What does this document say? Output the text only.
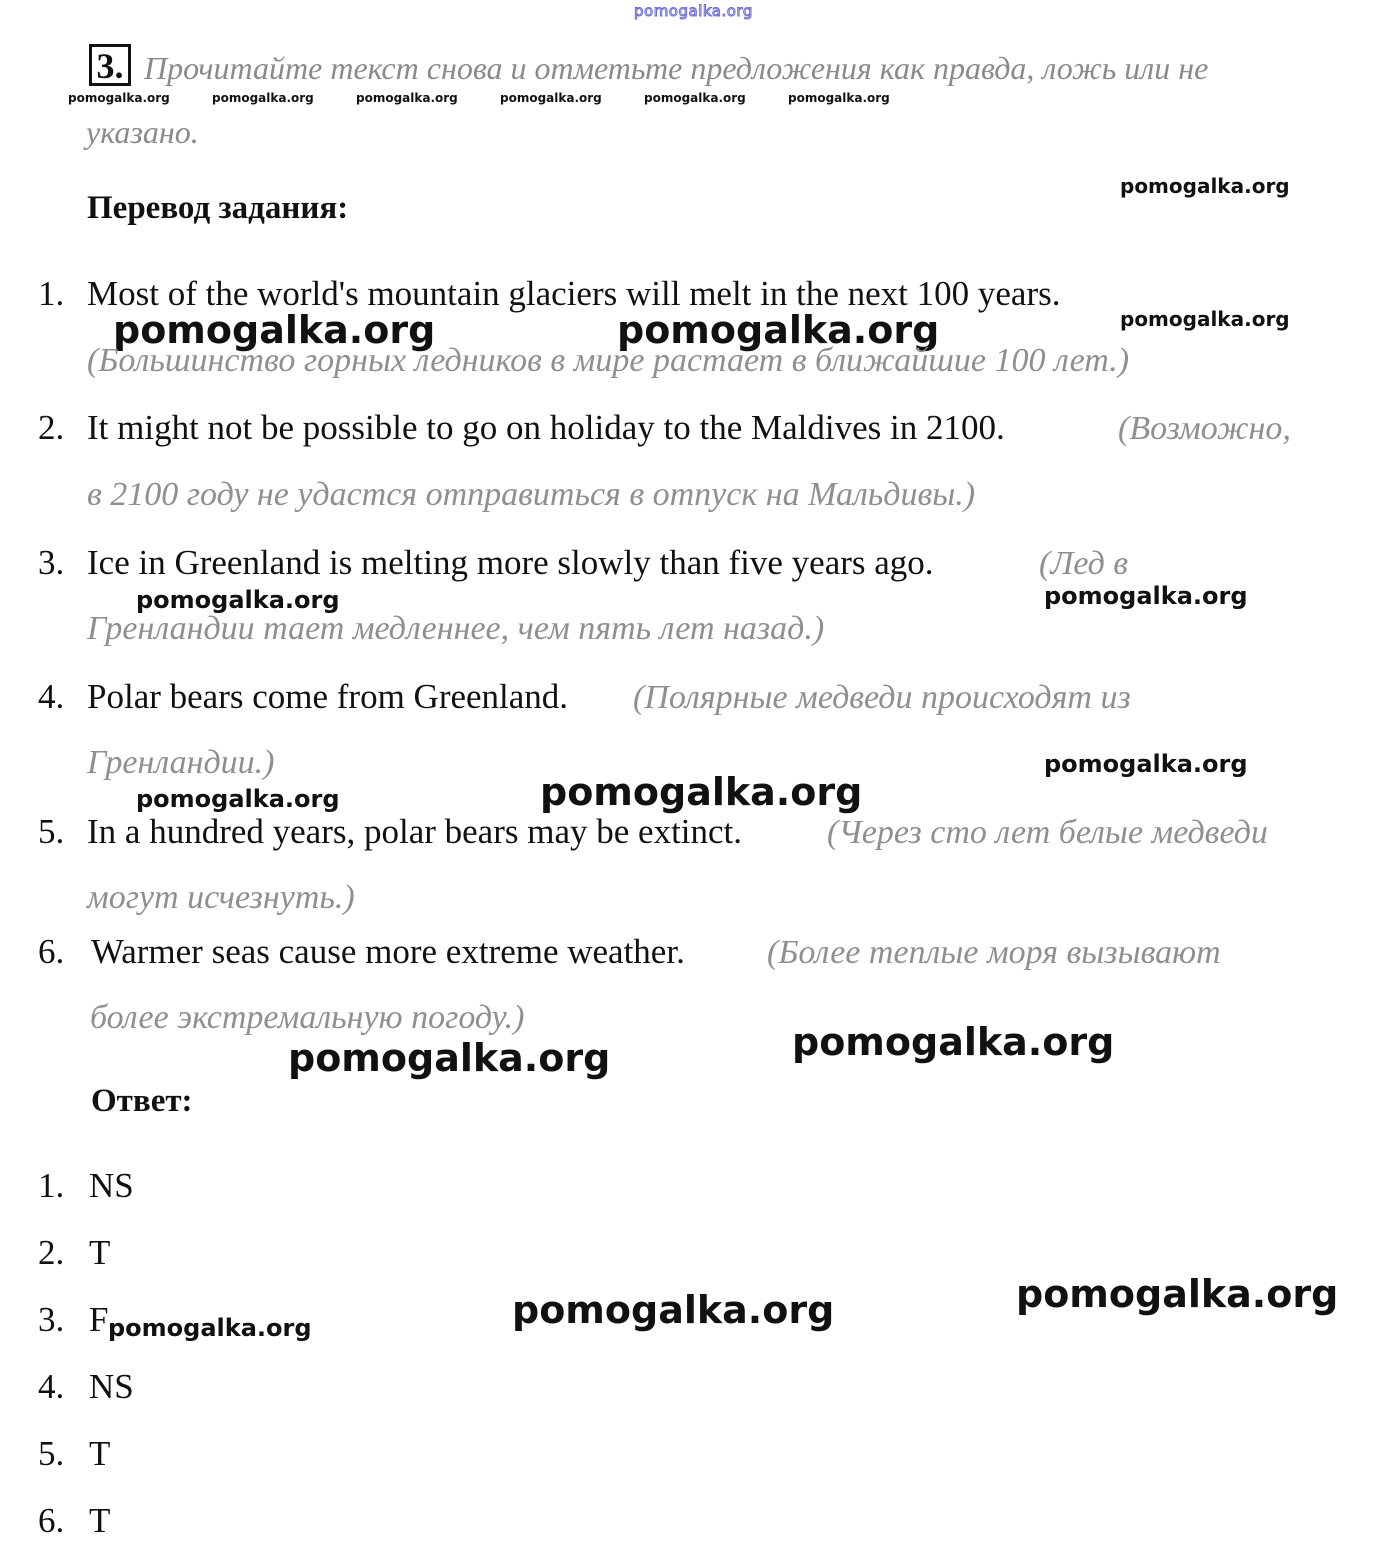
pomogalka.org
3. Прочитайте текст снова и отметьте предложения как правда, ложь или не
pomogalka.org	pomogalka.org	pomogalka.org	pomogalka.org	pomogalka.org	pomogalka.org
указано.
pomogalka.org
Перевод задания:
1. Most of the world's mountain glaciers will melt in the next 100 years.
pomogalka.org	pomogalka.org	pomogalka.org
(Большинство горных ледников в мире растает в ближайшие 100 лет.)
2. It might not be possible to go on holiday to the Maldives in 2100.	(Возможно,
в 2100 году не удастся отправиться в отпуск на Мальдивы.)
3. Ice in Greenland is melting more slowly than five years ago.	(Лед в
pomogalka.org	pomogalka.org
Гренландии тает медленнее, чем пять лет назад.)
4. Polar bears come from Greenland. (Полярные медведи происходят из
Гренландии.)	pomogalka.org
pomogalka.org
pomogalka.org
5. In a hundred years, polar bears may be extinct. (Через сто лет белые медведи
могут исчезнуть.)
6. Warmer seas cause more extreme weather. (Более теплые моря вызывают
более экстремальную погоду.)
pomogalka.org
pomogalka.org
Ответ:
1. NS
2. T
pomogalka.org
pomogalka.org
3. F pomogalka.org
4. NS
5. T
6. T
